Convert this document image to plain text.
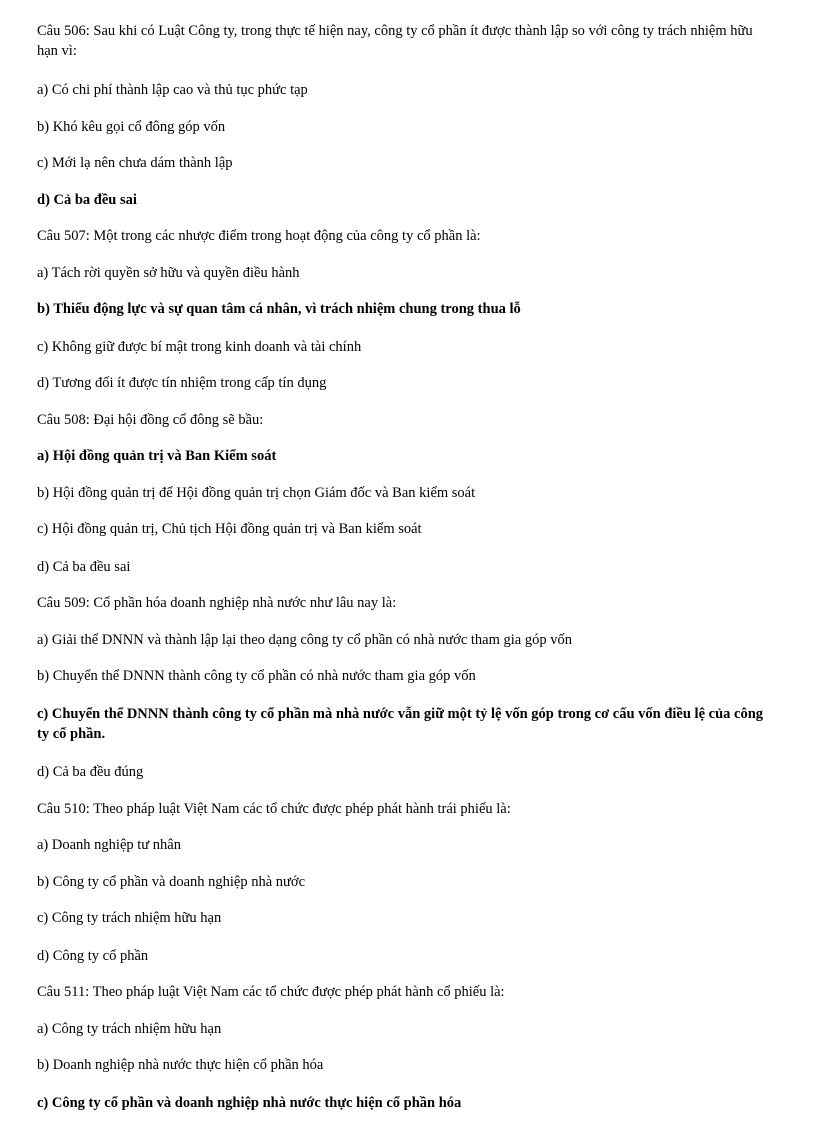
Câu 506: Sau khi có Luật Công ty, trong thực tế hiện nay, công ty cổ phần ít được thành lập so với công ty trách nhiệm hữu hạn vì:

a) Có chi phí thành lập cao và thủ tục phức tạp

b) Khó kêu gọi cổ đông góp vốn

c) Mới lạ nên chưa dám thành lập

d) Cả ba đều sai

Câu 507: Một trong các nhược điểm trong hoạt động của công ty cổ phần là:

a) Tách rời quyền sở hữu và quyền điều hành

b) Thiếu động lực và sự quan tâm cá nhân, vì trách nhiệm chung trong thua lỗ

c) Không giữ được bí mật trong kinh doanh và tài chính

d) Tương đối ít được tín nhiệm trong cấp tín dụng

Câu 508: Đại hội đồng cổ đông sẽ bầu:

a) Hội đồng quản trị và Ban Kiểm soát

b) Hội đồng quản trị để Hội đồng quản trị chọn Giám đốc và Ban kiểm soát

c) Hội đồng quản trị, Chủ tịch Hội đồng quản trị và Ban kiểm soát

d) Cả ba đều sai

Câu 509: Cổ phần hóa doanh nghiệp nhà nước như lâu nay là:

a) Giải thể DNNN và thành lập lại theo dạng công ty cổ phần có nhà nước tham gia góp vốn

b) Chuyển thể DNNN thành công ty cổ phần có nhà nước tham gia góp vốn

c) Chuyển thể DNNN thành công ty cổ phần mà nhà nước vẫn giữ một tỷ lệ vốn góp trong cơ cấu vốn điều lệ của công ty cổ phần.

d) Cả ba đều đúng

Câu 510: Theo pháp luật Việt Nam các tổ chức được phép phát hành trái phiếu là:

a) Doanh nghiệp tư nhân

b) Công ty cổ phần và doanh nghiệp nhà nước

c) Công ty trách nhiệm hữu hạn

d) Công ty cổ phần

Câu 511: Theo pháp luật Việt Nam các tổ chức được phép phát hành cổ phiếu là:

a) Công ty trách nhiệm hữu hạn

b) Doanh nghiệp nhà nước thực hiện cổ phần hóa

c) Công ty cổ phần và doanh nghiệp nhà nước thực hiện cổ phần hóa
